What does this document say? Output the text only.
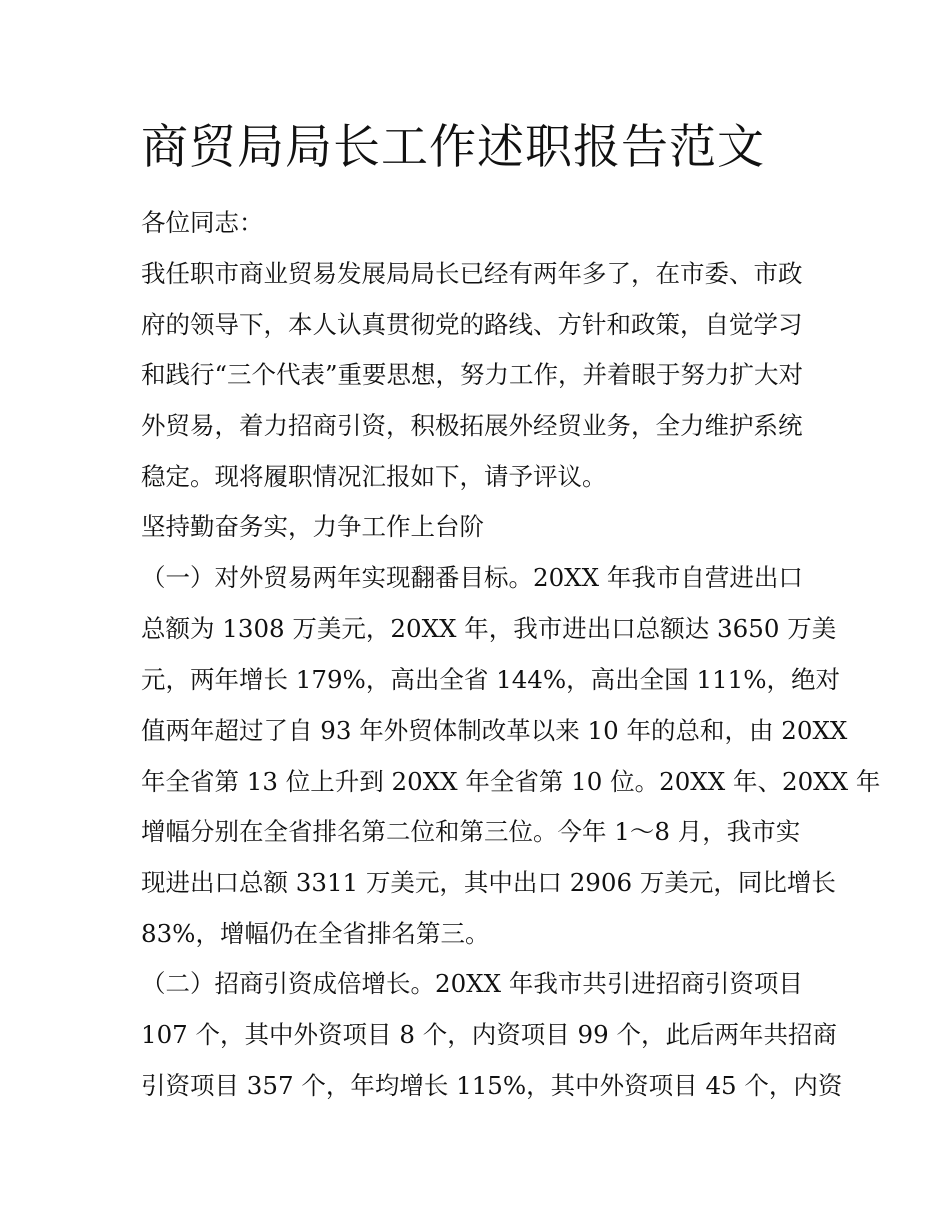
商贸局局长工作述职报告范文

各位同志：

我任职市商业贸易发展局局长已经有两年多了，在市委、市政

府的领导下，本人认真贯彻党的路线、方针和政策，自觉学习

和践行“三个代表”重要思想，努力工作，并着眼于努力扩大对

外贸易，着力招商引资，积极拓展外经贸业务，全力维护系统

稳定。现将履职情况汇报如下，请予评议。

坚持勤奋务实，力争工作上台阶

（一）对外贸易两年实现翻番目标。20XX 年我市自营进出口

总额为 1308 万美元，20XX 年，我市进出口总额达 3650 万美

元，两年增长 179%，高出全省 144%，高出全国 111%，绝对

值两年超过了自 93 年外贸体制改革以来 10 年的总和，由 20XX

年全省第 13 位上升到 20XX 年全省第 10 位。20XX 年、20XX 年

增幅分别在全省排名第二位和第三位。今年 1～8 月，我市实

现进出口总额 3311 万美元，其中出口 2906 万美元，同比增长

83%，增幅仍在全省排名第三。

（二）招商引资成倍增长。20XX 年我市共引进招商引资项目

107 个，其中外资项目 8 个，内资项目 99 个，此后两年共招商

引资项目 357 个，年均增长 115%，其中外资项目 45 个，内资
